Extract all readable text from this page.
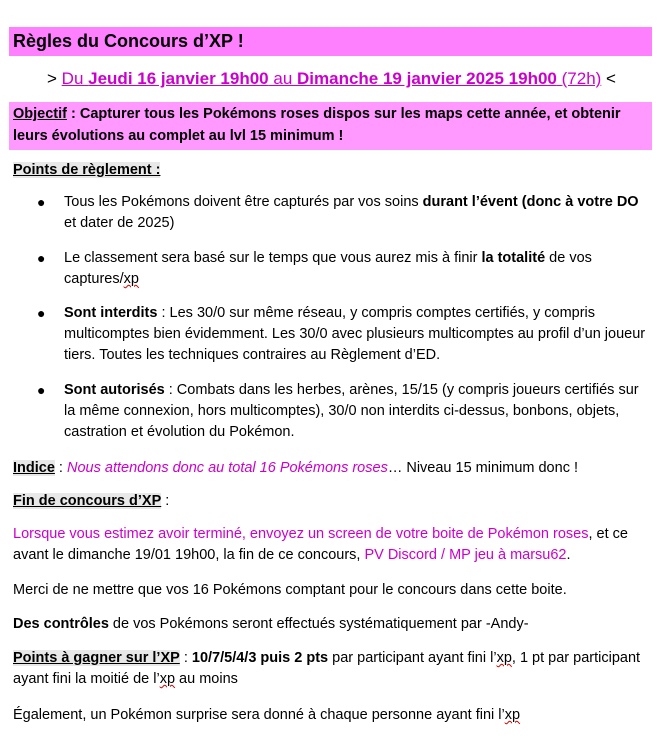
Règles du Concours d’XP !
> Du Jeudi 16 janvier 19h00 au Dimanche 19 janvier 2025 19h00 (72h) <
Objectif : Capturer tous les Pokémons roses dispos sur les maps cette année, et obtenir leurs évolutions au complet au lvl 15 minimum !
Points de règlement :
● Tous les Pokémons doivent être capturés par vos soins durant l’évent (donc à votre DO et dater de 2025)
● Le classement sera basé sur le temps que vous aurez mis à finir la totalité de vos captures/xp
● Sont interdits : Les 30/0 sur même réseau, y compris comptes certifiés, y compris multicomptes bien évidemment. Les 30/0 avec plusieurs multicomptes au profil d’un joueur tiers. Toutes les techniques contraires au Règlement d’ED.
● Sont autorisés : Combats dans les herbes, arènes, 15/15 (y compris joueurs certifiés sur la même connexion, hors multicomptes), 30/0 non interdits ci-dessus, bonbons, objets, castration et évolution du Pokémon.
Indice : Nous attendons donc au total 16 Pokémons roses… Niveau 15 minimum donc !
Fin de concours d’XP :
Lorsque vous estimez avoir terminé, envoyez un screen de votre boite de Pokémon roses, et ce avant le dimanche 19/01 19h00, la fin de ce concours, PV Discord / MP jeu à marsu62.
Merci de ne mettre que vos 16 Pokémons comptant pour le concours dans cette boite.
Des contrôles de vos Pokémons seront effectués systématiquement par -Andy-
Points à gagner sur l’XP : 10/7/5/4/3 puis 2 pts par participant ayant fini l’xp, 1 pt par participant ayant fini la moitié de l’xp au moins
Également, un Pokémon surprise sera donné à chaque personne ayant fini l’xp
